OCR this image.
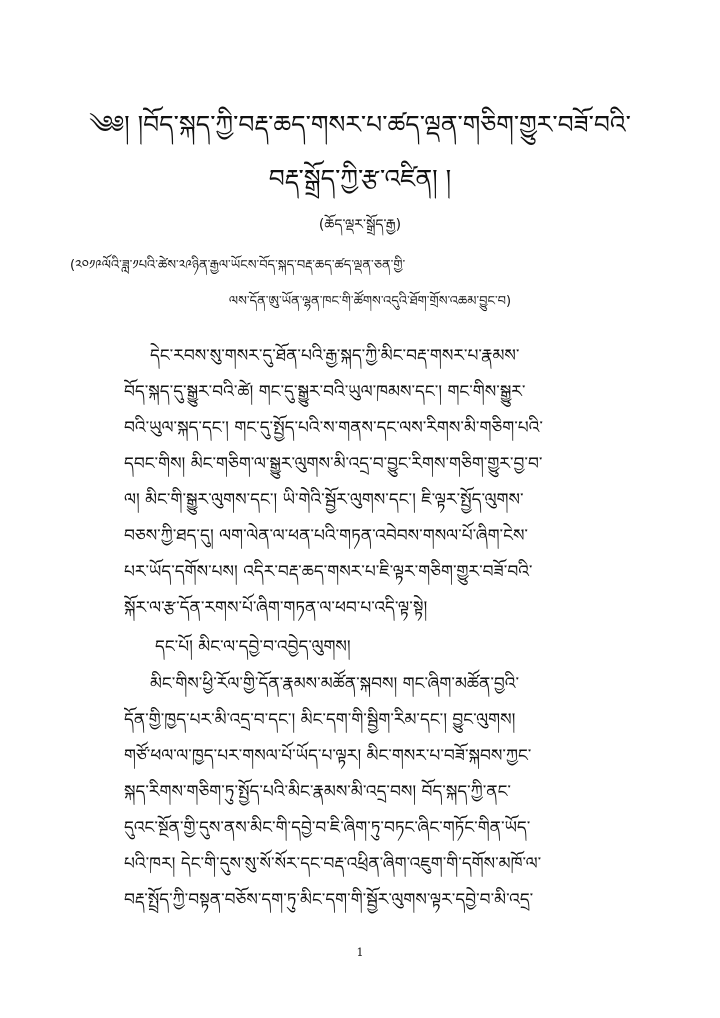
༄༅། །བོད་སྐད་ཀྱི་བརྡ་ཆད་གསར་པ་ཚད་ལྡན་གཅིག་གྱུར་བཟོ་བའི་
བརྡ་སྒྲོད་ཀྱི་རྩ་འཛིན། །
(ཆོད་ལྡར་སྒྲོད་རྒྱ)
(༢༠༡༩ལོའི་ཟླ་༡པའི་ཚེས་༢༩ཉིན་རྒྱལ་ཡོངས་བོད་སྐད་བརྡ་ཆད་ཚད་ལྡན་ཅན་གྱི་
ལས་དོན་ཨུ་ཡོན་ལྷན་ཁང་གི་ཚོགས་འདུའི་ཐོག་གྲོས་འཆམ་བྱུང་བ)
དེང་རབས་སུ་གསར་དུ་ཐོན་པའི་རྒྱ་སྐད་ཀྱི་མིང་བརྡ་གསར་པ་རྣམས་
བོད་སྐད་དུ་སྒྱུར་བའི་ཚེ། གང་དུ་སྒྱུར་བའི་ཡུལ་ཁམས་དང་། གང་གིས་སྒྱུར་
བའི་ཡུལ་སྐད་དང་། གང་དུ་སྤྱོད་པའི་ས་གནས་དང་ལས་རིགས་མི་གཅིག་པའི་
དབང་གིས། མིང་གཅིག་ལ་སྒྱུར་ལུགས་མི་འདྲ་བ་བྱུང་རིགས་གཅིག་གྱུར་བྱ་བ་
ལ། མིང་གི་སྒྱུར་ལུགས་དང་། ཡི་གེའི་སྦྱོར་ལུགས་དང་། ཇི་ལྟར་སྤྱོད་ལུགས་
བཅས་ཀྱི་ཐད་དུ། ལག་ལེན་ལ་ཕན་པའི་གཏན་འབེབས་གསལ་པོ་ཞིག་ངེས་
པར་ཡོད་དགོས་པས། འདིར་བརྡ་ཆད་གསར་པ་ཇི་ལྟར་གཅིག་གྱུར་བཟོ་བའི་
སྐོར་ལ་རྩ་དོན་རགས་པོ་ཞིག་གཏན་ལ་ཕབ་པ་འདི་ལྟ་སྟེ།
དང་པོ། མིང་ལ་དབྱེ་བ་འབྱེད་ལུགས།
མིང་གིས་ཕྱི་རོལ་གྱི་དོན་རྣམས་མཚོན་སྐབས། གང་ཞིག་མཚོན་བྱའི་
དོན་གྱི་ཁྱད་པར་མི་འདྲ་བ་དང་། མིང་དག་གི་སྦྱིག་རིམ་དང་། བྱུང་ལུགས།
གཙོ་ཕལ་ལ་ཁྱད་པར་གསལ་པོ་ཡོད་པ་ལྟར། མིང་གསར་པ་བཟོ་སྐབས་ཀྱང་
སྐད་རིགས་གཅིག་ཏུ་སྤྱོད་པའི་མིང་རྣམས་མི་འདྲ་བས། བོད་སྐད་ཀྱི་ནང་
དུའང་སྔོན་གྱི་དུས་ནས་མིང་གི་དབྱེ་བ་ཇི་ཞིག་ཏུ་བཏང་ཞིང་གཏོང་གིན་ཡོད་
པའི་ཁར། དེང་གི་དུས་སུ་སོ་སོར་དང་བརྡ་འཕྲིན་ཞིག་འཇུག་གི་དགོས་མཁོ་ལ་
བརྡ་སྤྲོད་ཀྱི་བསྟན་བཅོས་དག་ཏུ་མིང་དག་གི་སྦྱོར་ལུགས་ལྟར་དབྱེ་བ་མི་འདྲ་
1
